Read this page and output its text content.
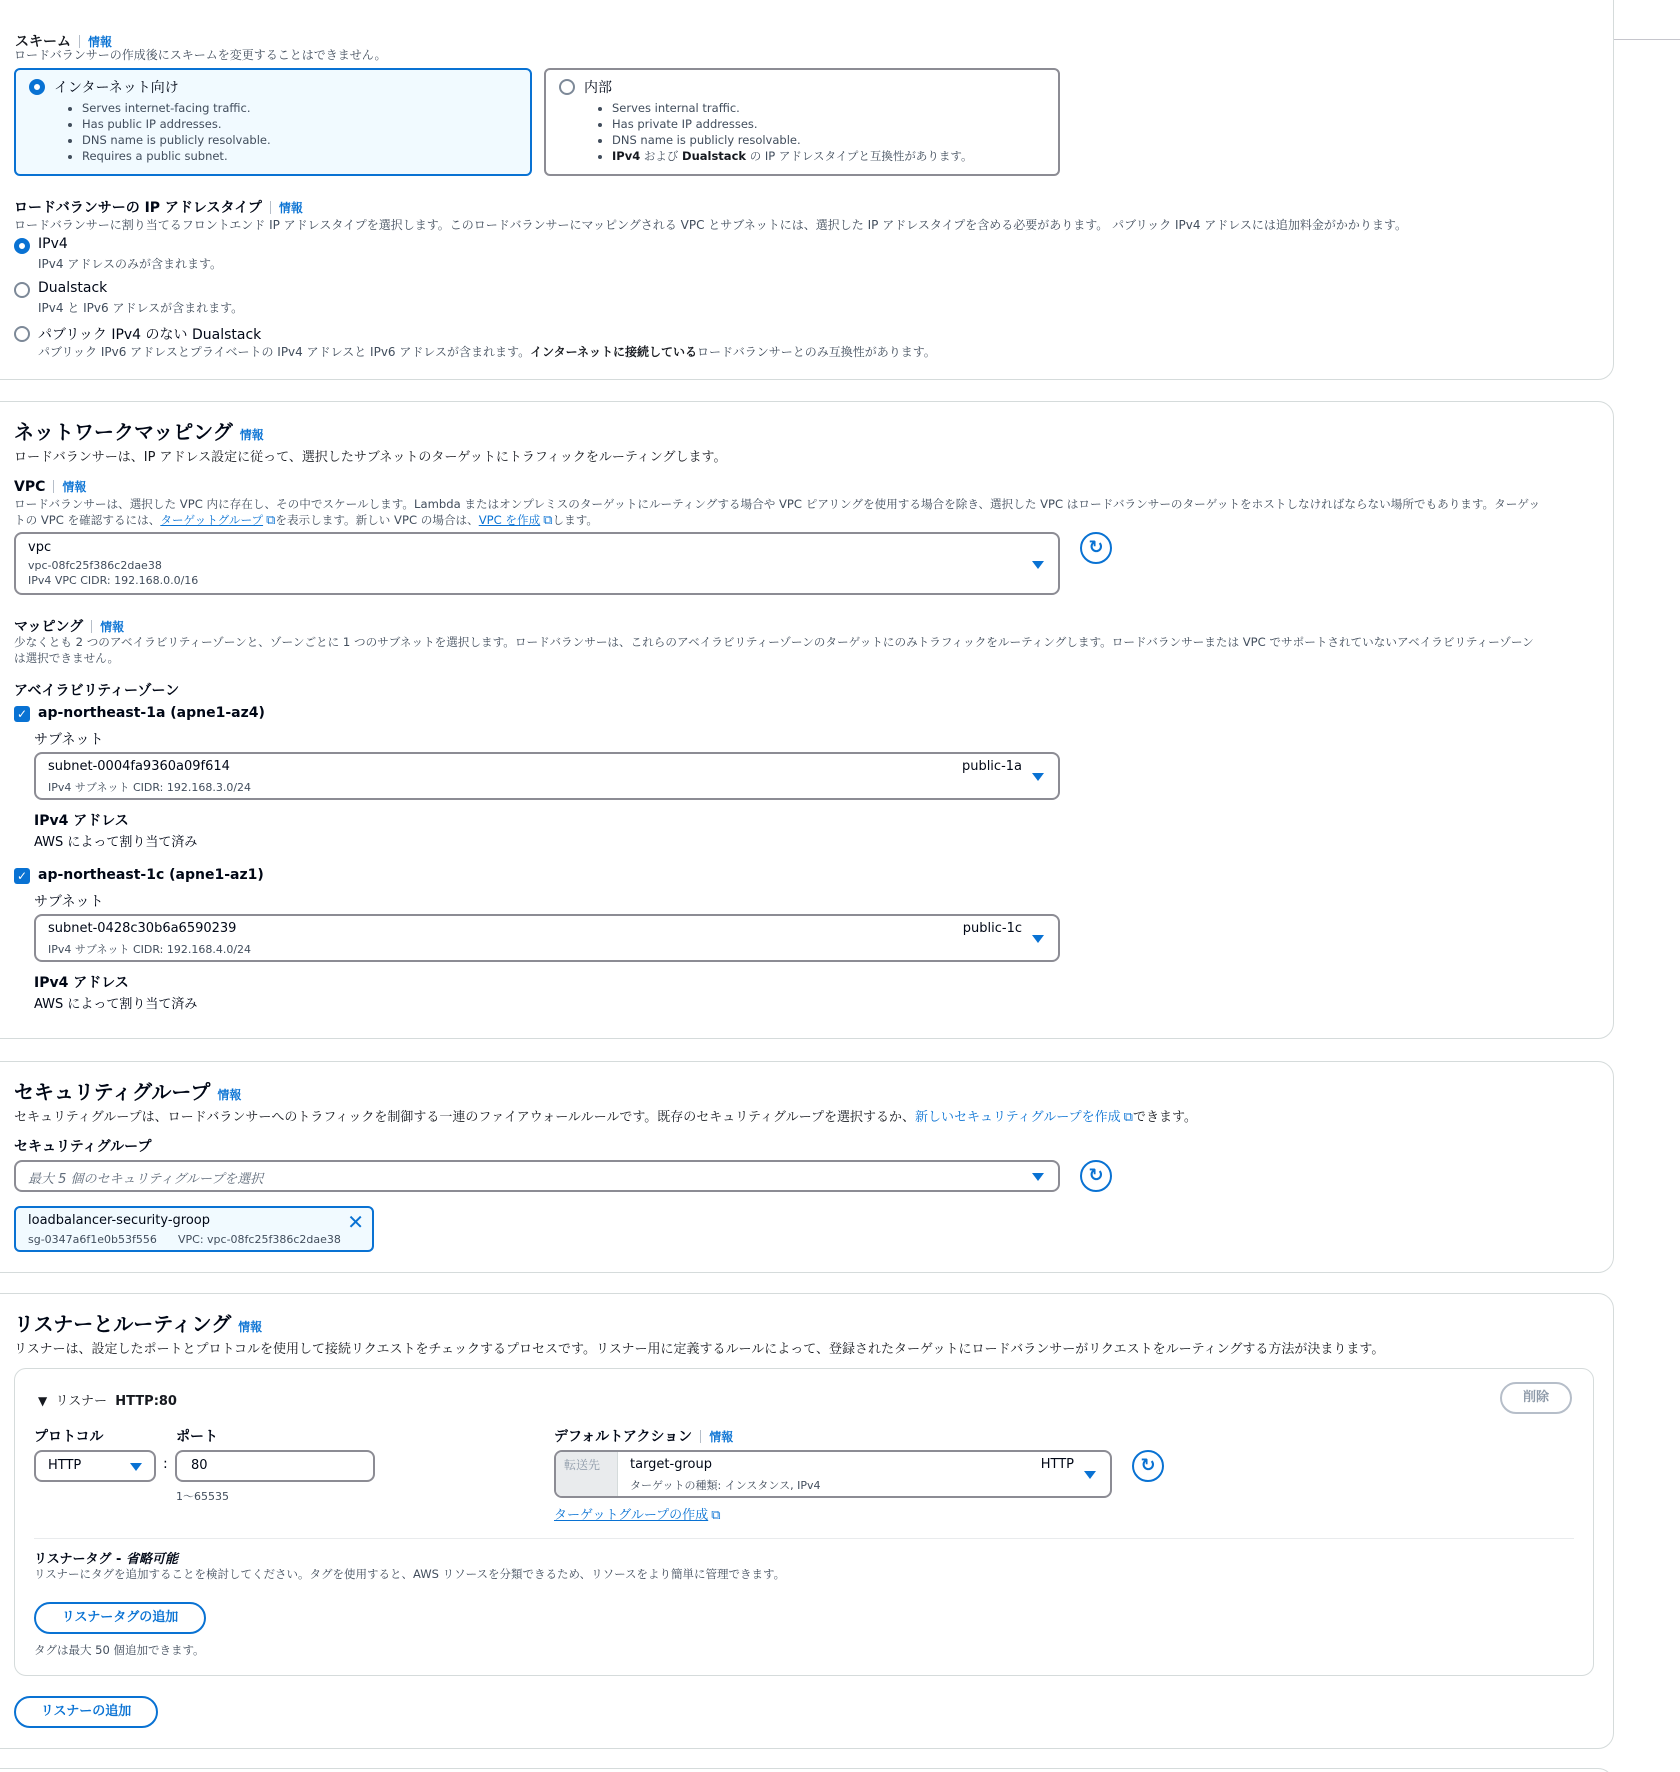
スキーム 情報
ロードバランサーの作成後にスキームを変更することはできません。
インターネット向け
• Serves internet-facing traffic.
• Has public IP addresses.
• DNS name is publicly resolvable.
• Requires a public subnet.
内部
• Serves internal traffic.
• Has private IP addresses.
• DNS name is publicly resolvable.
• IPv4 および Dualstack の IP アドレスタイプと互換性があります。
ロードバランサーの IP アドレスタイプ 情報
ロードバランサーに割り当てるフロントエンド IP アドレスタイプを選択します。このロードバランサーにマッピングされる VPC とサブネットには、選択した IP アドレスタイプを含める必要があります。 パブリック IPv4 アドレスには追加料金がかかります。
IPv4
IPv4 アドレスのみが含まれます。
Dualstack
IPv4 と IPv6 アドレスが含まれます。
パブリック IPv4 のない Dualstack
パブリック IPv6 アドレスとプライベートの IPv4 アドレスと IPv6 アドレスが含まれます。インターネットに接続しているロードバランサーとのみ互換性があります。
ネットワークマッピング 情報
ロードバランサーは、IP アドレス設定に従って、選択したサブネットのターゲットにトラフィックをルーティングします。
VPC 情報
ロードバランサーは、選択した VPC 内に存在し、その中でスケールします。Lambda またはオンプレミスのターゲットにルーティングする場合や VPC ピアリングを使用する場合を除き、選択した VPC はロードバランサーのターゲットをホストしなければならない場所でもあります。ターゲッ
トの VPC を確認するには、ターゲットグループ ⧉を表示します。新しい VPC の場合は、VPC を作成 ⧉します。
vpc
vpc-08fc25f386c2dae38
IPv4 VPC CIDR: 192.168.0.0/16
↻
マッピング 情報
少なくとも 2 つのアベイラビリティーゾーンと、ゾーンごとに 1 つのサブネットを選択します。ロードバランサーは、これらのアベイラビリティーゾーンのターゲットにのみトラフィックをルーティングします。ロードバランサーまたは VPC でサポートされていないアベイラビリティーゾーン
は選択できません。
アベイラビリティーゾーン
✓ ap-northeast-1a (apne1-az4)
サブネット
subnet-0004fa9360a09f614
IPv4 サブネット CIDR: 192.168.3.0/24
public-1a
IPv4 アドレス
AWS によって割り当て済み
✓ ap-northeast-1c (apne1-az1)
サブネット
subnet-0428c30b6a6590239
IPv4 サブネット CIDR: 192.168.4.0/24
public-1c
IPv4 アドレス
AWS によって割り当て済み
セキュリティグループ 情報
セキュリティグループは、ロードバランサーへのトラフィックを制御する一連のファイアウォールルールです。既存のセキュリティグループを選択するか、新しいセキュリティグループを作成 ⧉できます。
セキュリティグループ
最大 5 個のセキュリティグループを選択	↻
loadbalancer-security-groop
sg-0347a6f1e0b53f556 VPC: vpc-08fc25f386c2dae38
✕
リスナーとルーティング 情報
リスナーは、設定したポートとプロトコルを使用して接続リクエストをチェックするプロセスです。リスナー用に定義するルールによって、登録されたターゲットにロードバランサーがリクエストをルーティングする方法が決まります。
▼ リスナー HTTP:80	削除
プロトコル
HTTP	:
ポート
80
1〜65535
デフォルトアクション 情報
転送先	target-group
ターゲットの種類: インスタンス, IPv4
HTTP	↻
ターゲットグループの作成 ⧉
リスナータグ - 省略可能
リスナーにタグを追加することを検討してください。タグを使用すると、AWS リソースを分類できるため、リソースをより簡単に管理できます。
リスナータグの追加
タグは最大 50 個追加できます。
リスナーの追加
